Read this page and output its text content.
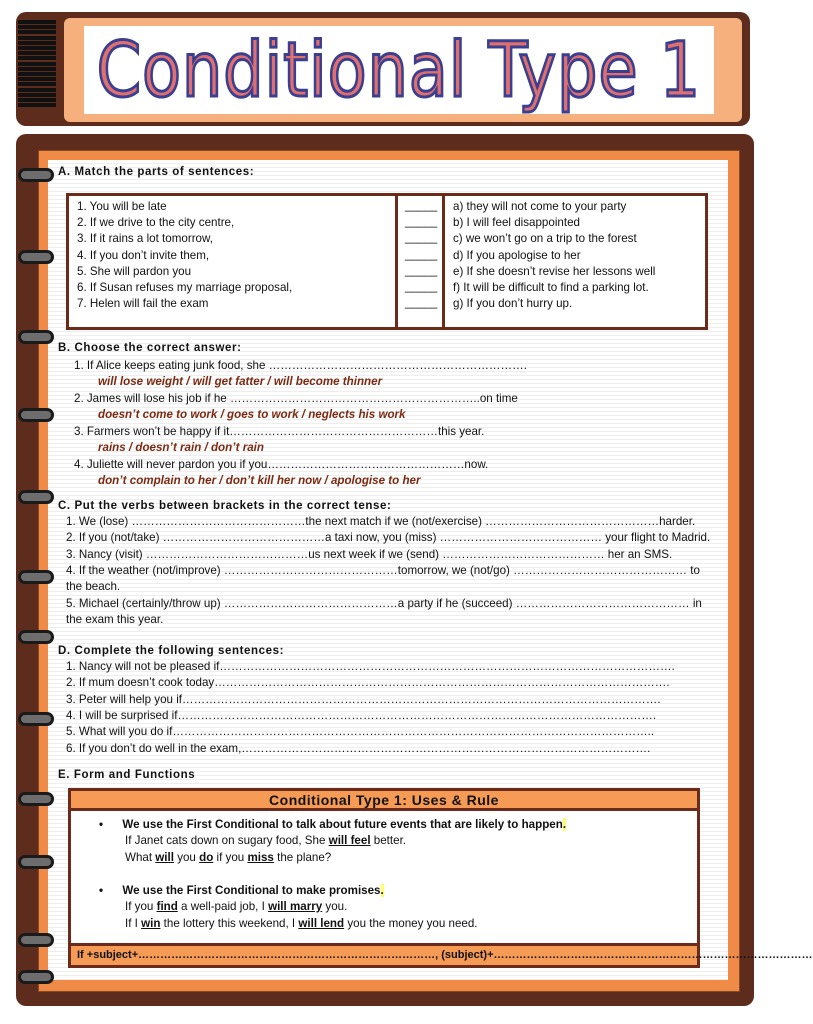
Conditional Type 1
A. Match the parts of sentences:
1. You will be late
2. If we drive to the city centre,
3. If it rains a lot tomorrow,
4. If you don’t invite them,
5. She will pardon you
6. If Susan refuses my marriage proposal,
7. Helen will fail the exam
_____
_____
_____
_____
_____
_____
_____
a) they will not come to your party
b) I will feel disappointed
c) we won’t go on a trip to the forest
d) If you apologise to her
e) If she doesn’t revise her lessons well
f) It will be difficult to find a parking lot.
g) If you don’t hurry up.
B. Choose the correct answer:
1. If Alice keeps eating junk food, she ………………………………………………………….
will lose weight / will get fatter / will become thinner
2. James will lose his job if he ………………………………………………………..on time
doesn’t come to work / goes to work / neglects his work
3. Farmers won’t be happy if it………………………………………………this year.
rains / doesn’t rain / don’t rain
4. Juliette will never pardon you if you……………………………………………now.
don’t complain to her / don’t kill her now / apologise to her
C. Put the verbs between brackets in the correct tense:
1. We (lose) ………………………………………the next match if we (not/exercise) ………………………………………harder.
2. If you (not/take) ……………………………………a taxi now, you (miss) …………………………………… your flight to Madrid.
3. Nancy (visit) ……………………………………us next week if we (send) …………………………………… her an SMS.
4. If the weather (not/improve) ………………………………………tomorrow, we (not/go) ……………………………………… to
the beach.
5. Michael (certainly/throw up) ………………………………………a party if he (succeed) ……………………………………… in
the exam this year.
D. Complete the following sentences:
1. Nancy will not be pleased if……………………………………………………………………………………………………….
2. If mum doesn’t cook today……………………………………………………………………………………………………….
3. Peter will help you if…………………………………………………………………………………………………………….
4. I will be surprised if…………………………………………………………………………………………………………….
5. What will you do if……………………………………………………………………………………………………………..
6. If you don’t do well in the exam,…………………………………………………………………………………………….
E. Form and Functions
Conditional Type 1: Uses & Rule
•      We use the First Conditional to talk about future events that are likely to happen.
If Janet cats down on sugary food, She will feel better.
What will you do if you miss the plane?
•      We use the First Conditional to make promises.
If you find a well-paid job, I will marry you.
If I win the lottery this weekend, I will lend you the money you need.
If +subject+………………………………………………………………………, (subject)+……………………………………………………………………………
